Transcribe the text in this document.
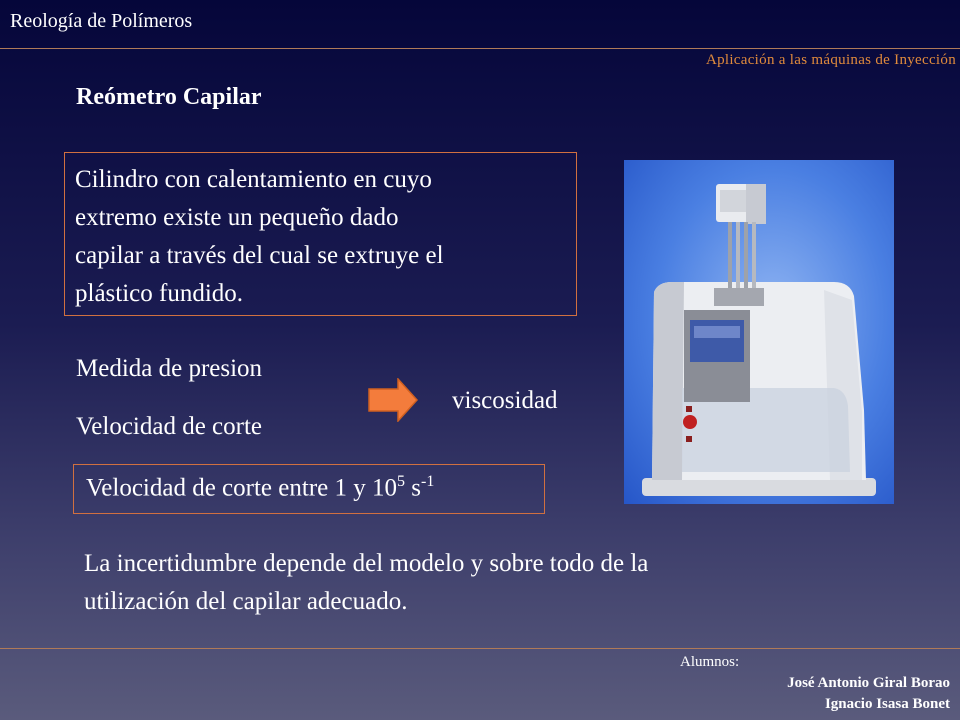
Reología de Polímeros
Aplicación a las máquinas de Inyección
Reómetro Capilar
Cilindro con calentamiento en cuyo
extremo existe un pequeño dado
capilar a través del cual se extruye el
plástico fundido.
Medida de presion
Velocidad de corte
viscosidad
Velocidad de corte entre 1 y $10^5$ $s^{-1}$
La incertidumbre depende del modelo y sobre todo de la
utilización del capilar adecuado.
Alumnos:
José Antonio Giral Borao
Ignacio Isasa Bonet
